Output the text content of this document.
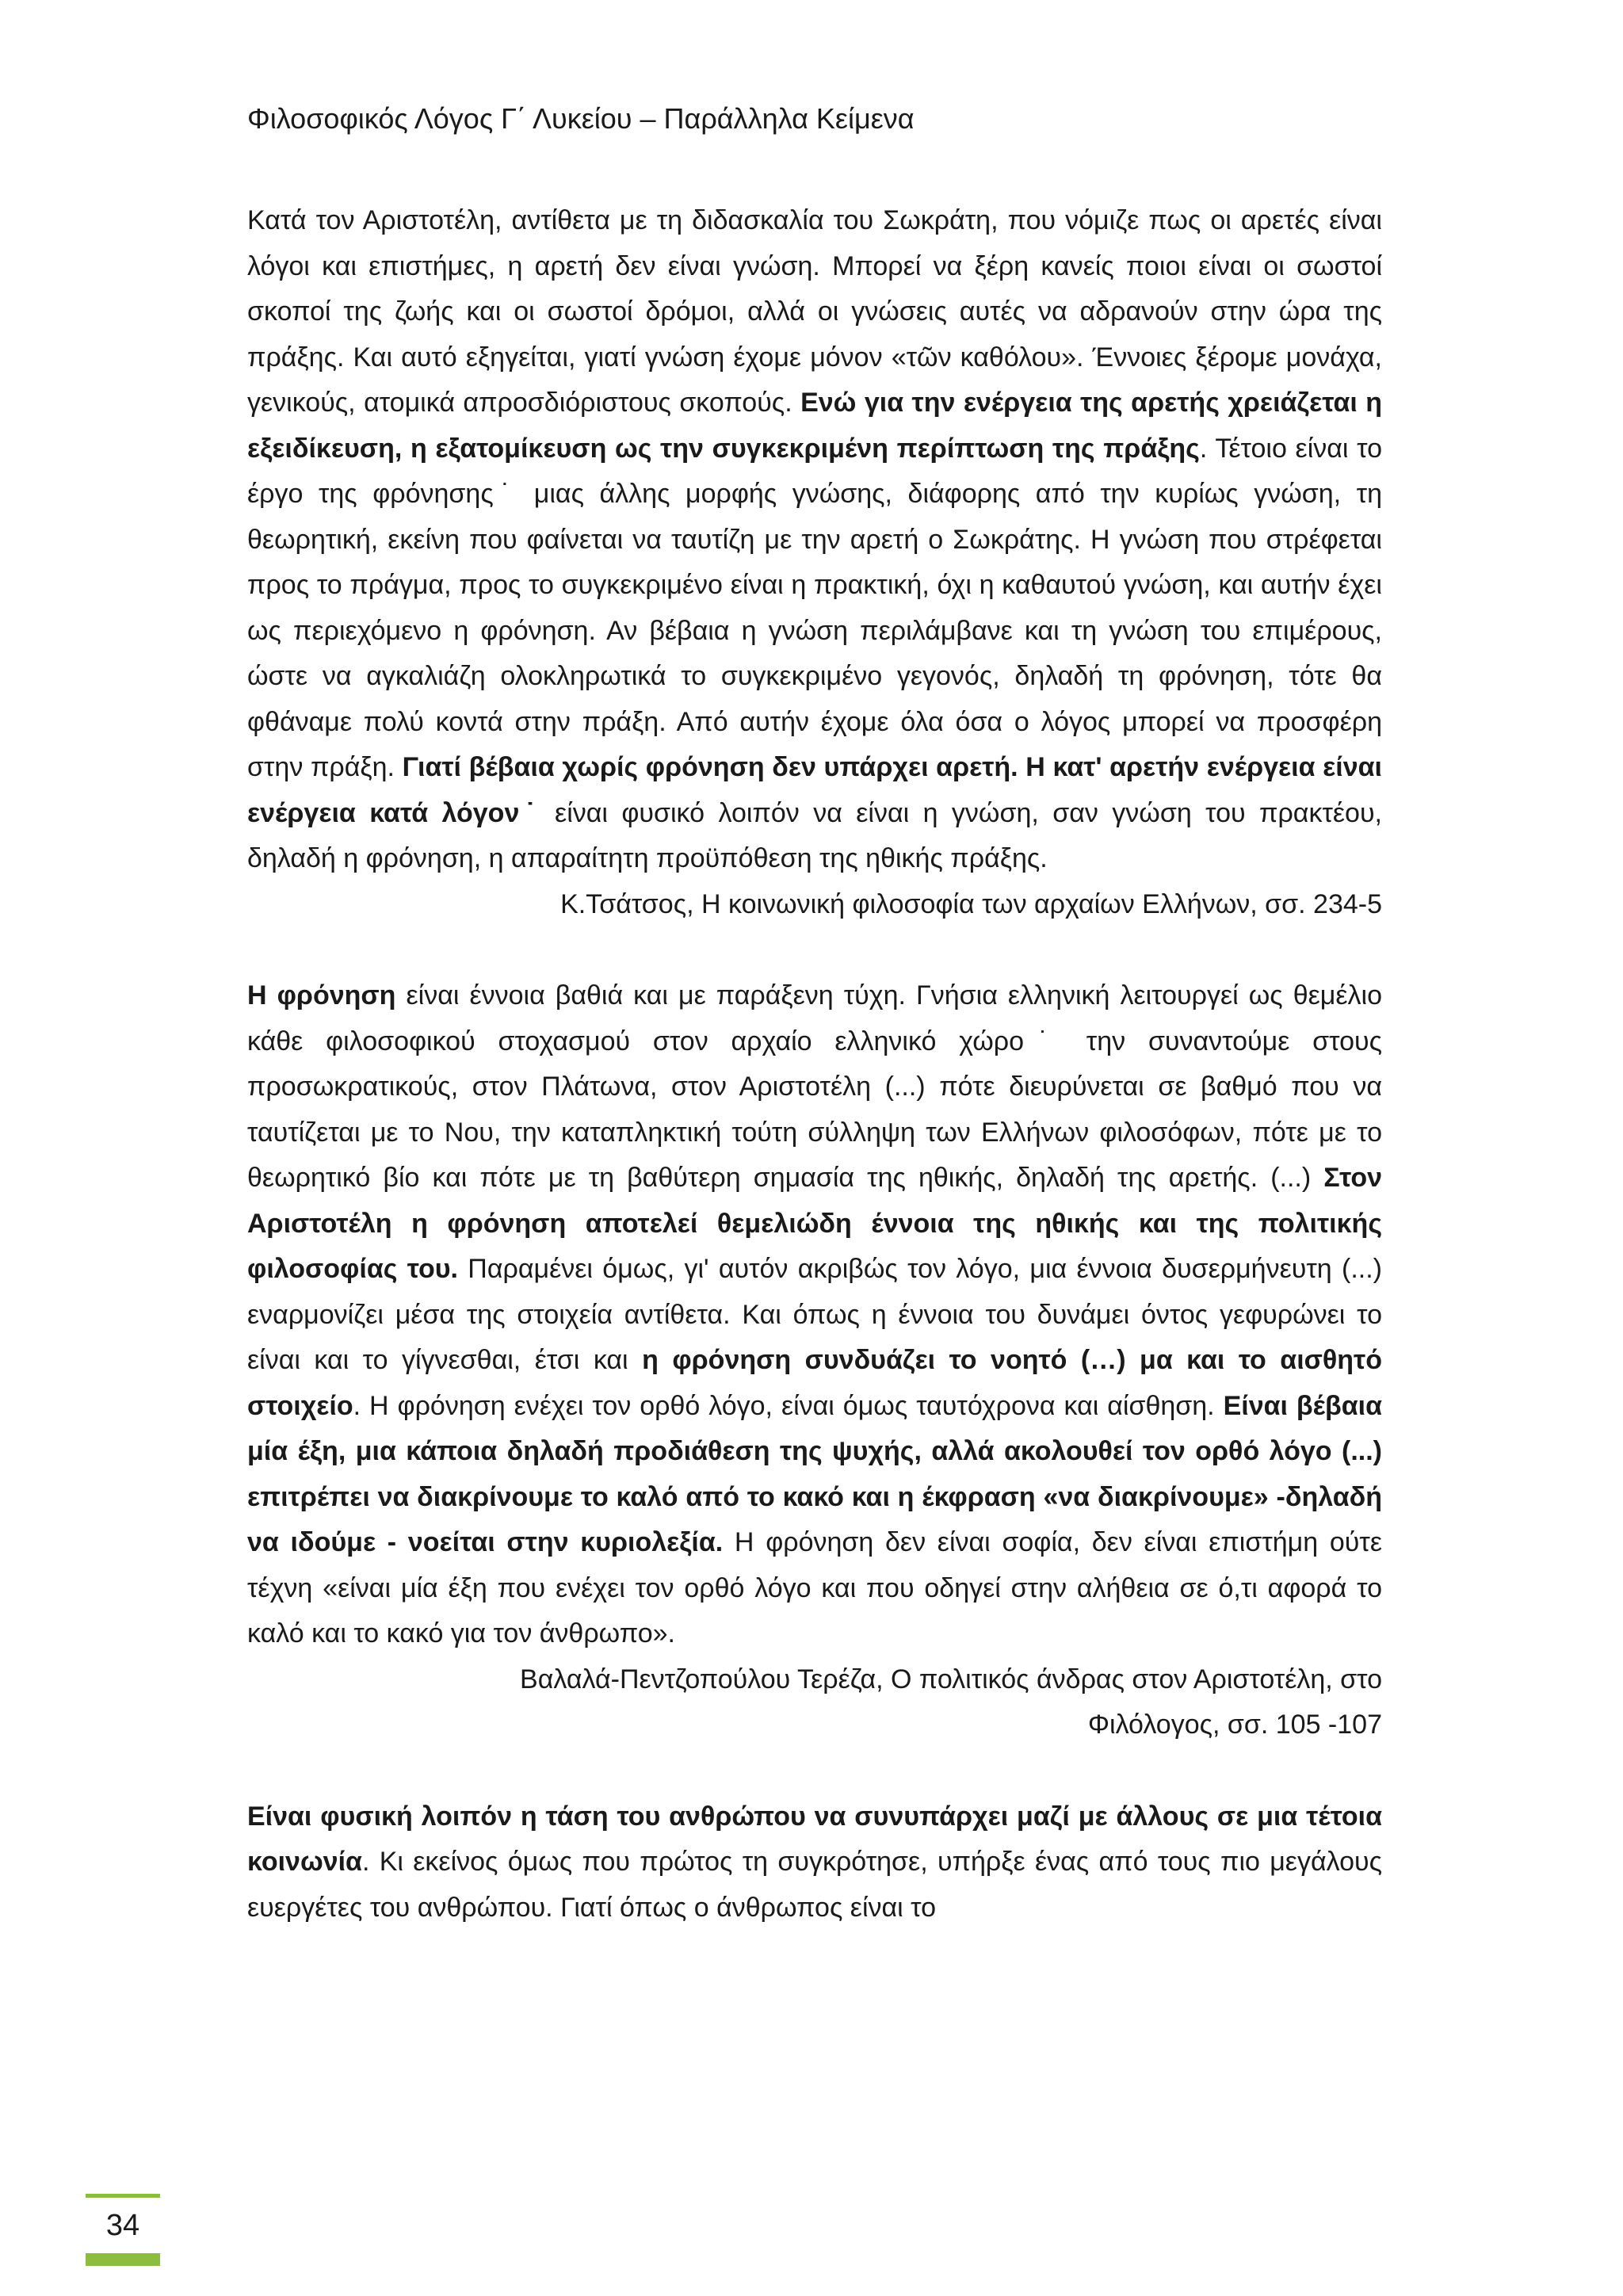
Φιλοσοφικός Λόγος Γ΄ Λυκείου – Παράλληλα Κείμενα

Κατά τον Αριστοτέλη, αντίθετα με τη διδασκαλία του Σωκράτη, που νόμιζε πως οι αρετές είναι λόγοι και επιστήμες, η αρετή δεν είναι γνώση. Μπορεί να ξέρη κανείς ποιοι είναι οι σωστοί σκοποί της ζωής και οι σωστοί δρόμοι, αλλά οι γνώσεις αυτές να αδρανούν στην ώρα της πράξης. Και αυτό εξηγείται, γιατί γνώση έχομε μόνον «τῶν καθόλου». Έννοιες ξέρομε μονάχα, γενικούς, ατομικά απροσδιόριστους σκοπούς. Ενώ για την ενέργεια της αρετής χρειάζεται η εξειδίκευση, η εξατομίκευση ως την συγκεκριμένη περίπτωση της πράξης. Τέτοιο είναι το έργο της φρόνησης˙ μιας άλλης μορφής γνώσης, διάφορης από την κυρίως γνώση, τη θεωρητική, εκείνη που φαίνεται να ταυτίζη με την αρετή ο Σωκράτης. Η γνώση που στρέφεται προς το πράγμα, προς το συγκεκριμένο είναι η πρακτική, όχι η καθαυτού γνώση, και αυτήν έχει ως περιεχόμενο η φρόνηση. Αν βέβαια η γνώση περιλάμβανε και τη γνώση του επιμέρους, ώστε να αγκαλιάζη ολοκληρωτικά το συγκεκριμένο γεγονός, δηλαδή τη φρόνηση, τότε θα φθάναμε πολύ κοντά στην πράξη. Από αυτήν έχομε όλα όσα ο λόγος μπορεί να προσφέρη στην πράξη. Γιατί βέβαια χωρίς φρόνηση δεν υπάρχει αρετή. Η κατ' αρετήν ενέργεια είναι ενέργεια κατά λόγον˙ είναι φυσικό λοιπόν να είναι η γνώση, σαν γνώση του πρακτέου, δηλαδή η φρόνηση, η απαραίτητη προϋπόθεση της ηθικής πράξης.

Κ.Τσάτσος, Η κοινωνική φιλοσοφία των αρχαίων Ελλήνων, σσ. 234-5

Η φρόνηση είναι έννοια βαθιά και με παράξενη τύχη. Γνήσια ελληνική λειτουργεί ως θεμέλιο κάθε φιλοσοφικού στοχασμού στον αρχαίο ελληνικό χώρο˙ την συναντούμε στους προσωκρατικούς, στον Πλάτωνα, στον Αριστοτέλη (...) πότε διευρύνεται σε βαθμό που να ταυτίζεται με το Νου, την καταπληκτική τούτη σύλληψη των Ελλήνων φιλοσόφων, πότε με το θεωρητικό βίο και πότε με τη βαθύτερη σημασία της ηθικής, δηλαδή της αρετής. (...) Στον Αριστοτέλη η φρόνηση αποτελεί θεμελιώδη έννοια της ηθικής και της πολιτικής φιλοσοφίας του. Παραμένει όμως, γι' αυτόν ακριβώς τον λόγο, μια έννοια δυσερμήνευτη (...) εναρμονίζει μέσα της στοιχεία αντίθετα. Και όπως η έννοια του δυνάμει όντος γεφυρώνει το είναι και το γίγνεσθαι, έτσι και η φρόνηση συνδυάζει το νοητό (…) μα και το αισθητό στοιχείο. Η φρόνηση ενέχει τον ορθό λόγο, είναι όμως ταυτόχρονα και αίσθηση. Είναι βέβαια μία έξη, μια κάποια δηλαδή προδιάθεση της ψυχής, αλλά ακολουθεί τον ορθό λόγο (...) επιτρέπει να διακρίνουμε το καλό από το κακό και η έκφραση «να διακρίνουμε» -δηλαδή να ιδούμε - νοείται στην κυριολεξία. Η φρόνηση δεν είναι σοφία, δεν είναι επιστήμη ούτε τέχνη «είναι μία έξη που ενέχει τον ορθό λόγο και που οδηγεί στην αλήθεια σε ό,τι αφορά το καλό και το κακό για τον άνθρωπο».

Βαλαλά-Πεντζοπούλου Τερέζα, Ο πολιτικός άνδρας στον Αριστοτέλη, στο

Φιλόλογος, σσ. 105 -107

Είναι φυσική λοιπόν η τάση του ανθρώπου να συνυπάρχει μαζί με άλλους σε μια τέτοια κοινωνία. Κι εκείνος όμως που πρώτος τη συγκρότησε, υπήρξε ένας από τους πιο μεγάλους ευεργέτες του ανθρώπου. Γιατί όπως ο άνθρωπος είναι το

34
